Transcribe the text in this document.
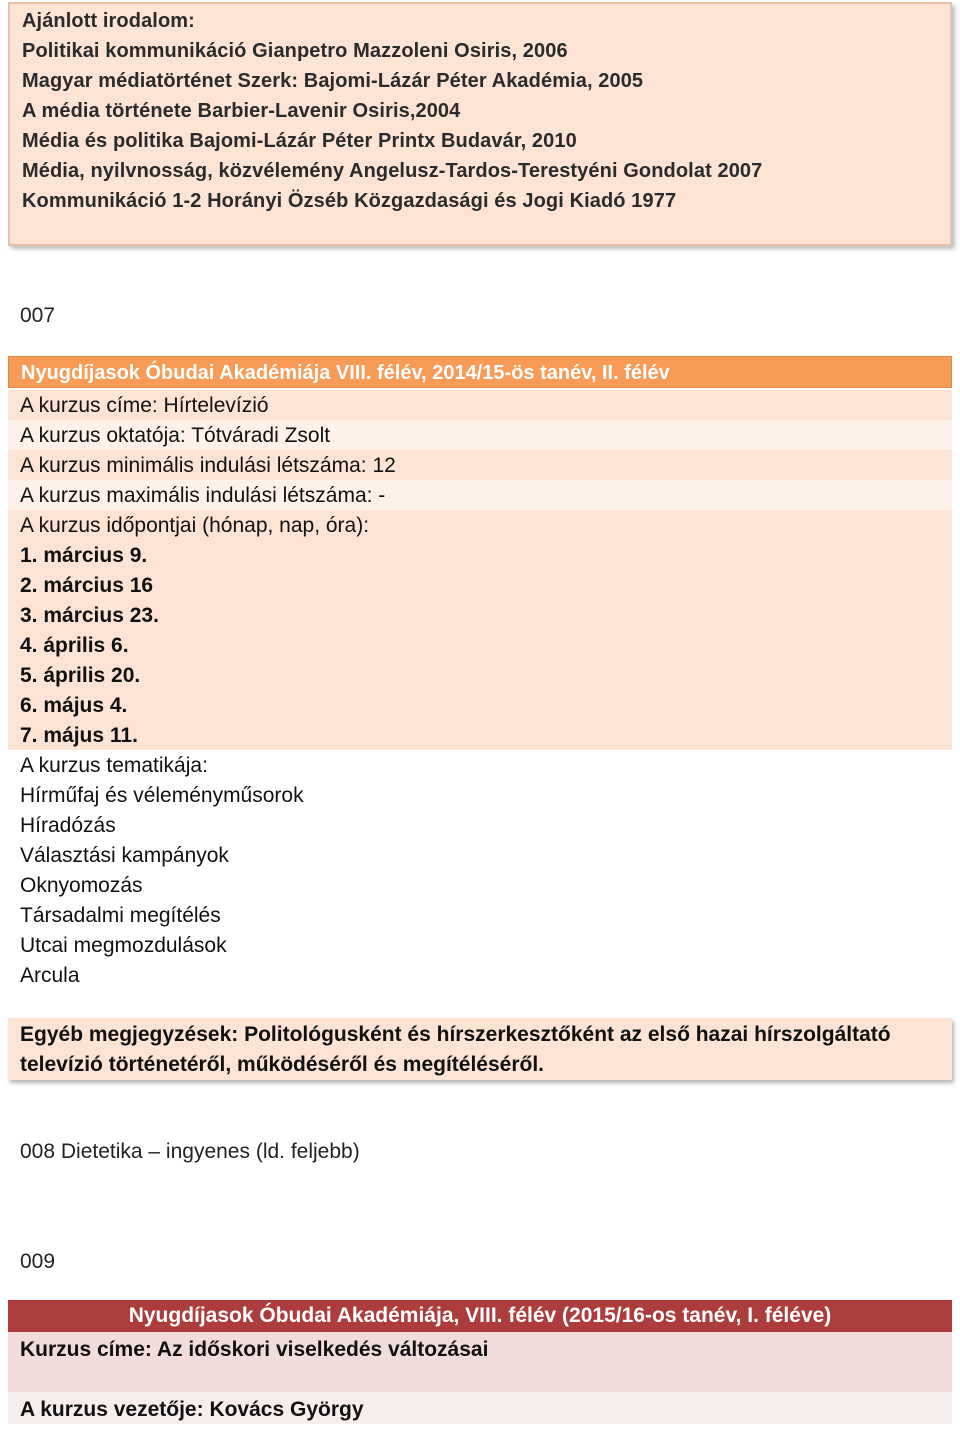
Ajánlott irodalom:
Politikai kommunikáció Gianpetro Mazzoleni Osiris, 2006
Magyar médiatörténet Szerk: Bajomi-Lázár Péter Akadémia, 2005
A média története Barbier-Lavenir Osiris,2004
Média és politika Bajomi-Lázár Péter Printx Budavár, 2010
Média, nyilvnosság, közvélemény Angelusz-Tardos-Terestyéni Gondolat 2007
Kommunikáció 1-2 Horányi Özséb Közgazdasági és Jogi Kiadó 1977
007
Nyugdíjasok Óbudai Akadémiája VIII. félév, 2014/15-ös tanév, II. félév
A kurzus címe: Hírtelevízió
A kurzus oktatója: Tótváradi Zsolt
A kurzus minimális indulási létszáma: 12
A kurzus maximális indulási létszáma: -
A kurzus időpontjai (hónap, nap, óra):
1. március 9.
2. március 16
3. március 23.
4. április 6.
5. április 20.
6. május 4.
7. május 11.
A kurzus tematikája:
Hírműfaj és véleményműsorok
Híradózás
Választási kampányok
Oknyomozás
Társadalmi megítélés
Utcai megmozdulások
Arcula
Egyéb megjegyzések: Politológusként és hírszerkesztőként az első hazai hírszolgáltató
televízió történetéről, működéséről és megítéléséről.
008 Dietetika – ingyenes (ld. feljebb)
009
Nyugdíjasok Óbudai Akadémiája, VIII. félév (2015/16-os tanév, I. féléve)
Kurzus címe: Az időskori viselkedés változásai
A kurzus vezetője: Kovács György
